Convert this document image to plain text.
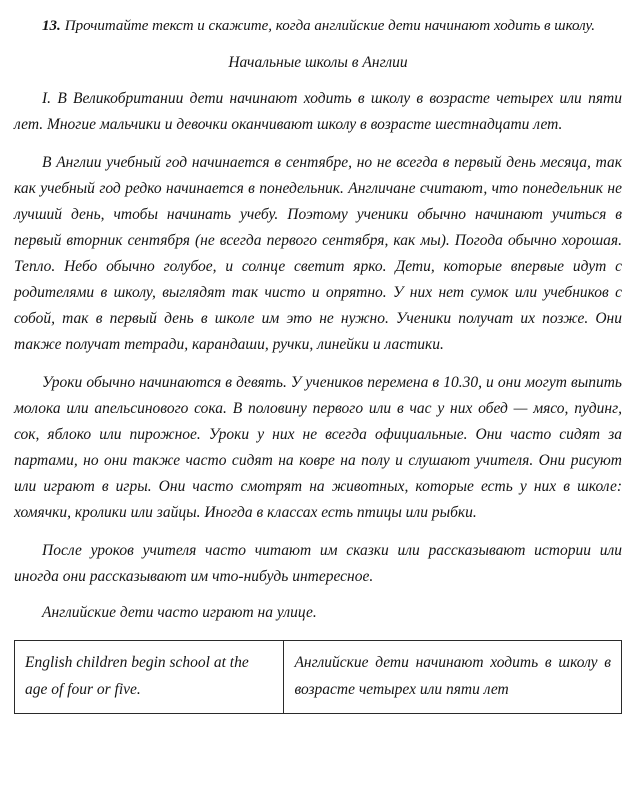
13. Прочитайте текст и скажите, когда английские дети начинают ходить в школу.

Начальные школы в Англии

I. В Великобритании дети начинают ходить в школу в возрасте четырех или пяти лет. Многие мальчики и девочки оканчивают школу в возрасте шестнадцати лет.

В Англии учебный год начинается в сентябре, но не всегда в первый день месяца, так как учебный год редко начинается в понедельник. Англичане считают, что понедельник не лучший день, чтобы начинать учебу. Поэтому ученики обычно начинают учиться в первый вторник сентября (не всегда первого сентября, как мы). Погода обычно хорошая. Тепло. Небо обычно голубое, и солнце светит ярко. Дети, которые впервые идут с родителями в школу, выглядят так чисто и опрятно. У них нет сумок или учебников с собой, так в первый день в школе им это не нужно. Ученики получат их позже. Они также получат тетради, карандаши, ручки, линейки и ластики.

Уроки обычно начинаются в девять. У учеников перемена в 10.30, и они могут выпить молока или апельсинового сока. В половину первого или в час у них обед — мясо, пудинг, сок, яблоко или пирожное. Уроки у них не всегда официальные. Они часто сидят за партами, но они также часто сидят на ковре на полу и слушают учителя. Они рисуют или играют в игры. Они часто смотрят на животных, которые есть у них в школе: хомячки, кролики или зайцы. Иногда в классах есть птицы или рыбки.

После уроков учителя часто читают им сказки или рассказывают истории или иногда они рассказывают им что-нибудь интересное.

Английские дети часто играют на улице.

English children begin school at the age of four or five.	Английские дети начинают ходить в школу в возрасте четырех или пяти лет
